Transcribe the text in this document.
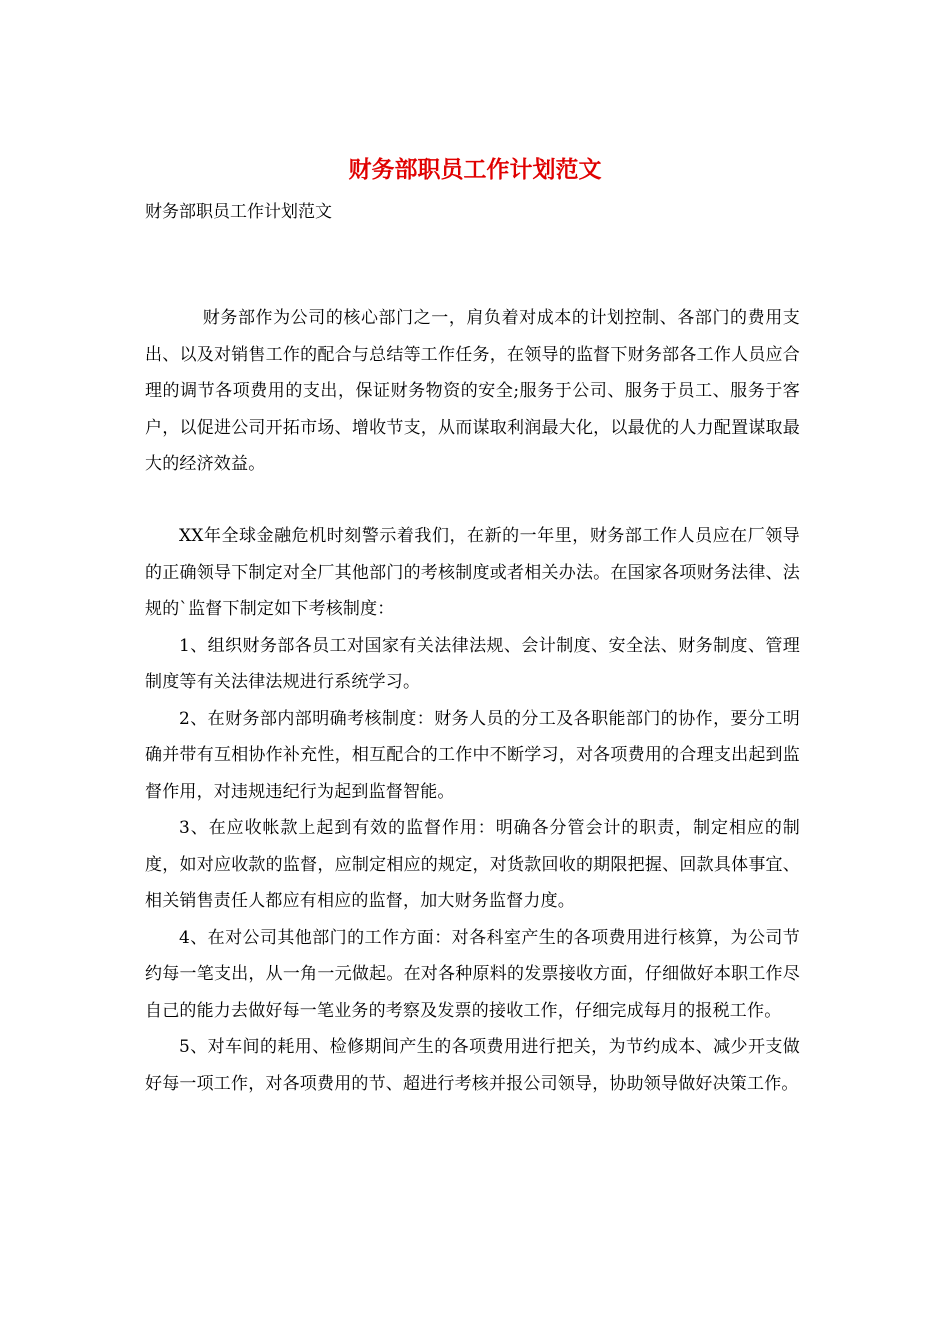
财务部职员工作计划范文

财务部职员工作计划范文

财务部作为公司的核心部门之一，肩负着对成本的计划控制、各部门的费用支出、以及对销售工作的配合与总结等工作任务，在领导的监督下财务部各工作人员应合理的调节各项费用的支出，保证财务物资的安全;服务于公司、服务于员工、服务于客户，以促进公司开拓市场、增收节支，从而谋取利润最大化，以最优的人力配置谋取最大的经济效益。

XX年全球金融危机时刻警示着我们，在新的一年里，财务部工作人员应在厂领导的正确领导下制定对全厂其他部门的考核制度或者相关办法。在国家各项财务法律、法规的`监督下制定如下考核制度：

1、组织财务部各员工对国家有关法律法规、会计制度、安全法、财务制度、管理制度等有关法律法规进行系统学习。

2、在财务部内部明确考核制度：财务人员的分工及各职能部门的协作，要分工明确并带有互相协作补充性，相互配合的工作中不断学习，对各项费用的合理支出起到监督作用，对违规违纪行为起到监督智能。

3、在应收帐款上起到有效的监督作用：明确各分管会计的职责，制定相应的制度，如对应收款的监督，应制定相应的规定，对货款回收的期限把握、回款具体事宜、相关销售责任人都应有相应的监督，加大财务监督力度。

4、在对公司其他部门的工作方面：对各科室产生的各项费用进行核算，为公司节约每一笔支出，从一角一元做起。在对各种原料的发票接收方面，仔细做好本职工作尽自己的能力去做好每一笔业务的考察及发票的接收工作，仔细完成每月的报税工作。

5、对车间的耗用、检修期间产生的各项费用进行把关，为节约成本、减少开支做好每一项工作，对各项费用的节、超进行考核并报公司领导，协助领导做好决策工作。
